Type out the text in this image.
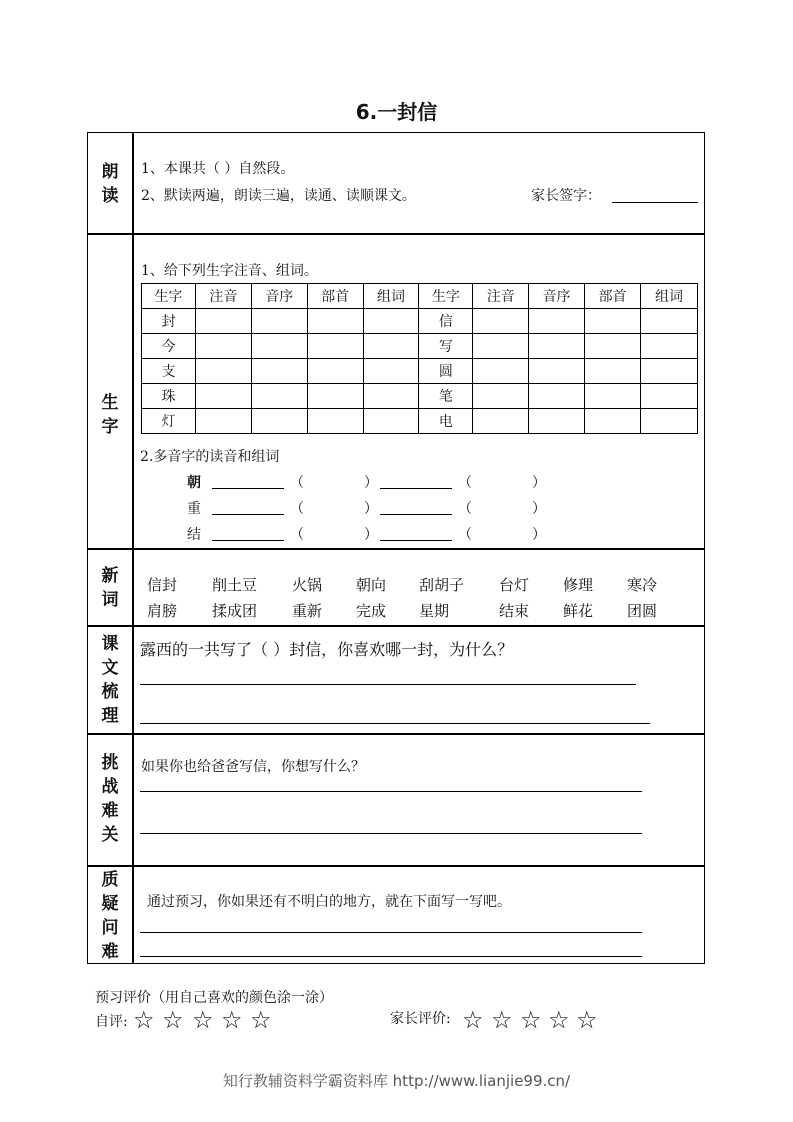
6.一封信
朗
读
1、本课共（ ）自然段。
2、默读两遍，朗读三遍，读通、读顺课文。	家长签字：
生
字
1、给下列生字注音、组词。
生字	注音	音序	部首	组词	生字	注音	音序	部首	组词
封					信				
今					写				
支					圆				
珠					笔				
灯					电				
2.多音字的读音和组词
朝	（	）	（	）
重	（	）	（	）
结	（	）	（	）
新
词
信封 削土豆 火锅 朝向 刮胡子 台灯 修理 寒冷
肩膀 揉成团 重新 完成 星期	结束 鲜花 团圆
课
文
梳
理
露西的一共写了（ ）封信，你喜欢哪一封，为什么？
挑
战
难
关
如果你也给爸爸写信，你想写什么？
质
疑
问
难
通过预习，你如果还有不明白的地方，就在下面写一写吧。
预习评价（用自己喜欢的颜色涂一涂）
自评: ☆ ☆ ☆ ☆ ☆	家长评价: ☆ ☆ ☆ ☆ ☆
知行教辅资料学霸资料库 http://www.lianjie99.cn/
